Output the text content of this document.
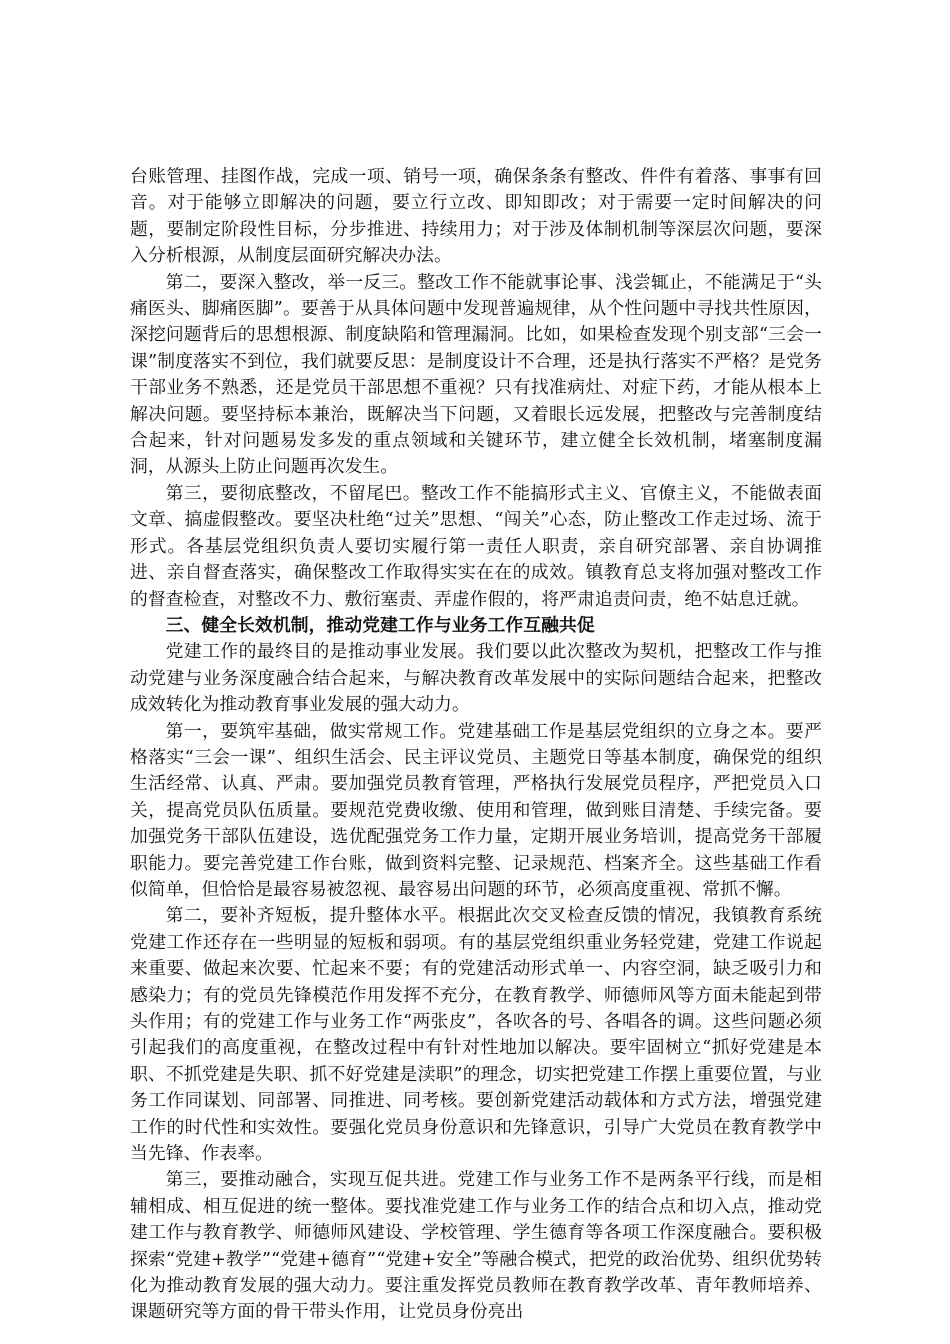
台账管理、挂图作战，完成一项、销号一项，确保条条有整改、件件有着落、事事有回音。对于能够立即解决的问题，要立行立改、即知即改；对于需要一定时间解决的问题，要制定阶段性目标，分步推进、持续用力；对于涉及体制机制等深层次问题，要深入分析根源，从制度层面研究解决办法。

第二，要深入整改，举一反三。整改工作不能就事论事、浅尝辄止，不能满足于“头痛医头、脚痛医脚”。要善于从具体问题中发现普遍规律，从个性问题中寻找共性原因，深挖问题背后的思想根源、制度缺陷和管理漏洞。比如，如果检查发现个别支部“三会一课”制度落实不到位，我们就要反思：是制度设计不合理，还是执行落实不严格？是党务干部业务不熟悉，还是党员干部思想不重视？只有找准病灶、对症下药，才能从根本上解决问题。要坚持标本兼治，既解决当下问题，又着眼长远发展，把整改与完善制度结合起来，针对问题易发多发的重点领域和关键环节，建立健全长效机制，堵塞制度漏洞，从源头上防止问题再次发生。

第三，要彻底整改，不留尾巴。整改工作不能搞形式主义、官僚主义，不能做表面文章、搞虚假整改。要坚决杜绝“过关”思想、“闯关”心态，防止整改工作走过场、流于形式。各基层党组织负责人要切实履行第一责任人职责，亲自研究部署、亲自协调推进、亲自督查落实，确保整改工作取得实实在在的成效。镇教育总支将加强对整改工作的督查检查，对整改不力、敷衍塞责、弄虚作假的，将严肃追责问责，绝不姑息迁就。

三、健全长效机制，推动党建工作与业务工作互融共促

党建工作的最终目的是推动事业发展。我们要以此次整改为契机，把整改工作与推动党建与业务深度融合结合起来，与解决教育改革发展中的实际问题结合起来，把整改成效转化为推动教育事业发展的强大动力。

第一，要筑牢基础，做实常规工作。党建基础工作是基层党组织的立身之本。要严格落实“三会一课”、组织生活会、民主评议党员、主题党日等基本制度，确保党的组织生活经常、认真、严肃。要加强党员教育管理，严格执行发展党员程序，严把党员入口关，提高党员队伍质量。要规范党费收缴、使用和管理，做到账目清楚、手续完备。要加强党务干部队伍建设，选优配强党务工作力量，定期开展业务培训，提高党务干部履职能力。要完善党建工作台账，做到资料完整、记录规范、档案齐全。这些基础工作看似简单，但恰恰是最容易被忽视、最容易出问题的环节，必须高度重视、常抓不懈。

第二，要补齐短板，提升整体水平。根据此次交叉检查反馈的情况，我镇教育系统党建工作还存在一些明显的短板和弱项。有的基层党组织重业务轻党建，党建工作说起来重要、做起来次要、忙起来不要；有的党建活动形式单一、内容空洞，缺乏吸引力和感染力；有的党员先锋模范作用发挥不充分，在教育教学、师德师风等方面未能起到带头作用；有的党建工作与业务工作“两张皮”，各吹各的号、各唱各的调。这些问题必须引起我们的高度重视，在整改过程中有针对性地加以解决。要牢固树立“抓好党建是本职、不抓党建是失职、抓不好党建是渎职”的理念，切实把党建工作摆上重要位置，与业务工作同谋划、同部署、同推进、同考核。要创新党建活动载体和方式方法，增强党建工作的时代性和实效性。要强化党员身份意识和先锋意识，引导广大党员在教育教学中当先锋、作表率。

第三，要推动融合，实现互促共进。党建工作与业务工作不是两条平行线，而是相辅相成、相互促进的统一整体。要找准党建工作与业务工作的结合点和切入点，推动党建工作与教育教学、师德师风建设、学校管理、学生德育等各项工作深度融合。要积极探索“党建+教学”“党建+德育”“党建+安全”等融合模式，把党的政治优势、组织优势转化为推动教育发展的强大动力。要注重发挥党员教师在教育教学改革、青年教师培养、课题研究等方面的骨干带头作用，让党员身份亮出
